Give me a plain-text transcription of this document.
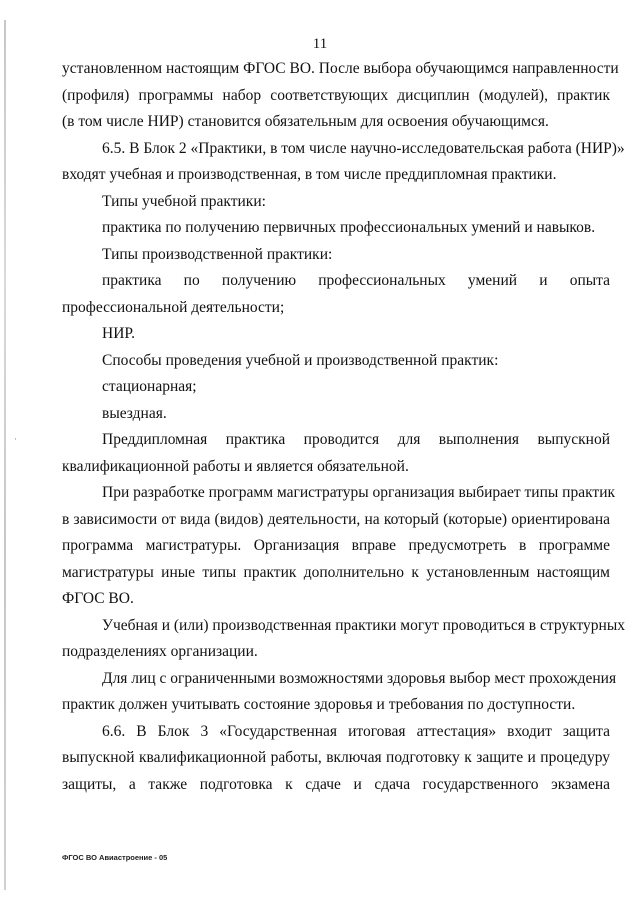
·
11
установленном настоящим ФГОС ВО. После выбора обучающимся направленности
(профиля) программы набор соответствующих дисциплин (модулей), практик
(в том числе НИР) становится обязательным для освоения обучающимся.
6.5. В Блок 2 «Практики, в том числе научно-исследовательская работа (НИР)»
входят учебная и производственная, в том числе преддипломная практики.
Типы учебной практики:
практика по получению первичных профессиональных умений и навыков.
Типы производственной практики:
практика по получению профессиональных умений и опыта
профессиональной деятельности;
НИР.
Способы проведения учебной и производственной практик:
стационарная;
выездная.
Преддипломная практика проводится для выполнения выпускной
квалификационной работы и является обязательной.
При разработке программ магистратуры организация выбирает типы практик
в зависимости от вида (видов) деятельности, на который (которые) ориентирована
программа магистратуры. Организация вправе предусмотреть в программе
магистратуры иные типы практик дополнительно к установленным настоящим
ФГОС ВО.
Учебная и (или) производственная практики могут проводиться в структурных
подразделениях организации.
Для лиц с ограниченными возможностями здоровья выбор мест прохождения
практик должен учитывать состояние здоровья и требования по доступности.
6.6. В Блок 3 «Государственная итоговая аттестация» входит защита
выпускной квалификационной работы, включая подготовку к защите и процедуру
защиты, а также подготовка к сдаче и сдача государственного экзамена
ФГОС ВО Авиастроение - 05
